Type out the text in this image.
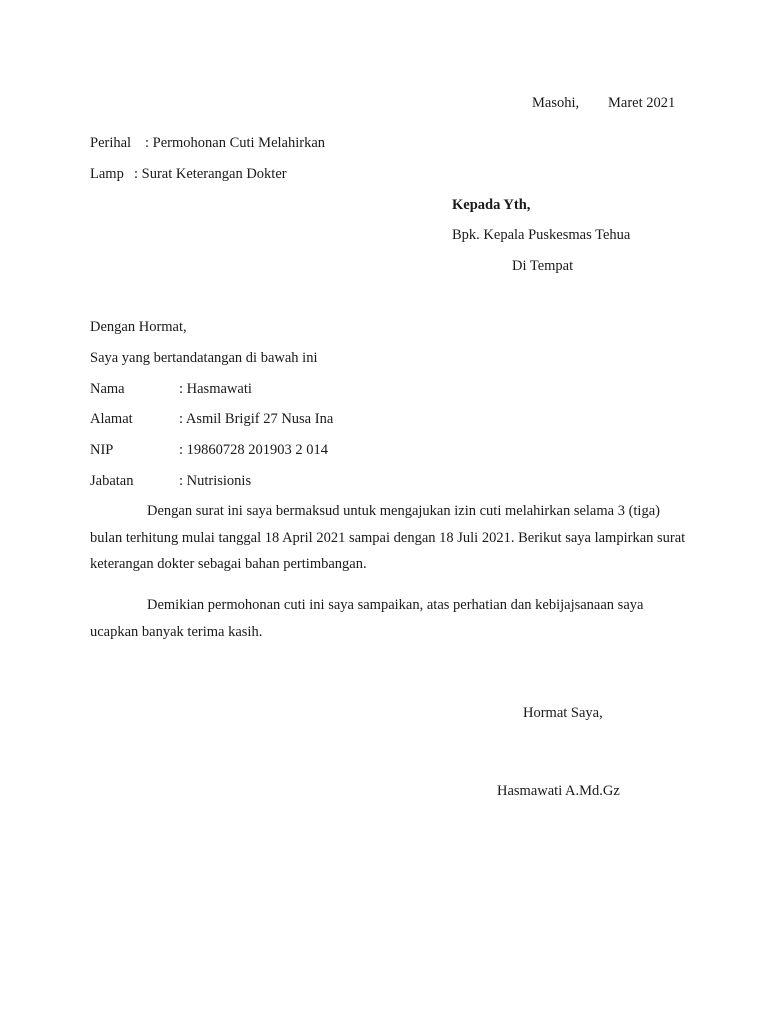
Masohi, Maret 2021
Perihal : Permohonan Cuti Melahirkan
Lamp : Surat Keterangan Dokter
Kepada Yth,
Bpk. Kepala Puskesmas Tehua
Di Tempat
Dengan Hormat,
Saya yang bertandatangan di bawah ini
Nama	: Hasmawati
Alamat	: Asmil Brigif 27 Nusa Ina
NIP	: 19860728 201903 2 014
Jabatan	: Nutrisionis
Dengan surat ini saya bermaksud untuk mengajukan izin cuti melahirkan selama 3 (tiga) bulan terhitung mulai tanggal 18 April 2021 sampai dengan 18 Juli 2021. Berikut saya lampirkan surat keterangan dokter sebagai bahan pertimbangan.
Demikian permohonan cuti ini saya sampaikan, atas perhatian dan kebijajsanaan saya ucapkan banyak terima kasih.
Hormat Saya,
Hasmawati A.Md.Gz
